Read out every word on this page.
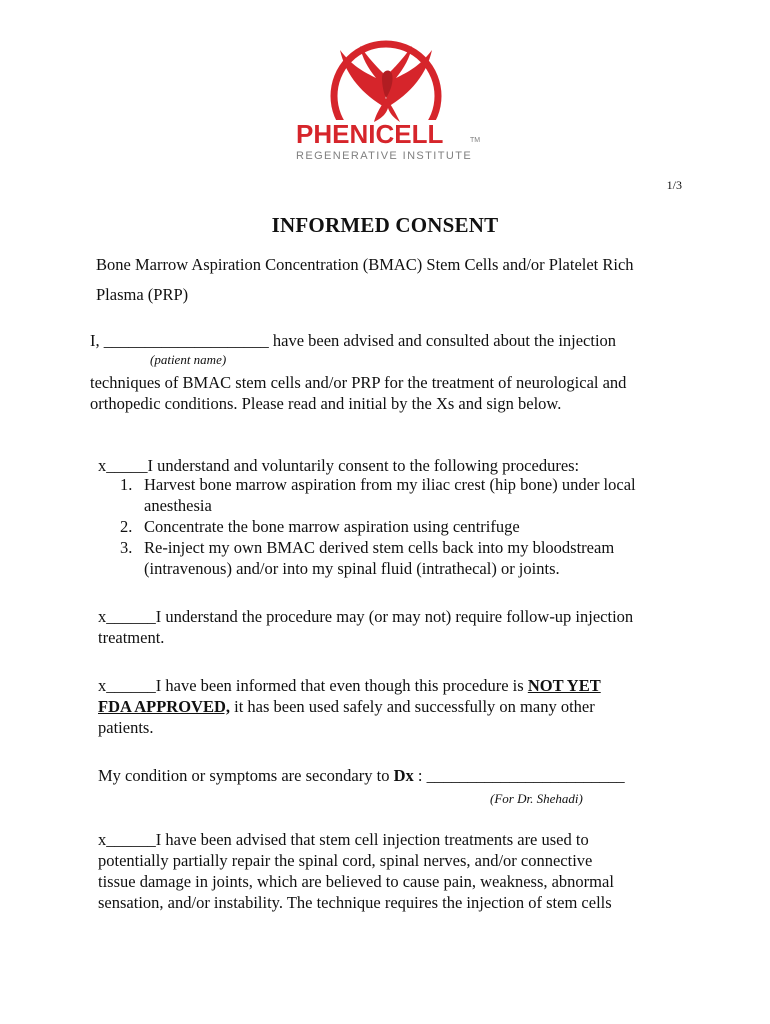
PHENICELL	TM
REGENERATIVE INSTITUTE
1/3
INFORMED CONSENT
Bone Marrow Aspiration Concentration (BMAC) Stem Cells and/or Platelet Rich
Plasma (PRP)
I, ____________________ have been advised and consulted about the injection
(patient name)
techniques of BMAC stem cells and/or PRP for the treatment of neurological and
orthopedic conditions. Please read and initial by the Xs and sign below.
x_____I understand and voluntarily consent to the following procedures:
1. Harvest bone marrow aspiration from my iliac crest (hip bone) under local
anesthesia
2. Concentrate the bone marrow aspiration using centrifuge
3. Re-inject my own BMAC derived stem cells back into my bloodstream
(intravenous) and/or into my spinal fluid (intrathecal) or joints.
x______I understand the procedure may (or may not) require follow-up injection
treatment.
x______I have been informed that even though this procedure is NOT YET
FDA APPROVED, it has been used safely and successfully on many other
patients.
My condition or symptoms are secondary to Dx : ________________________
(For Dr. Shehadi)
x______I have been advised that stem cell injection treatments are used to
potentially partially repair the spinal cord, spinal nerves, and/or connective
tissue damage in joints, which are believed to cause pain, weakness, abnormal
sensation, and/or instability. The technique requires the injection of stem cells
